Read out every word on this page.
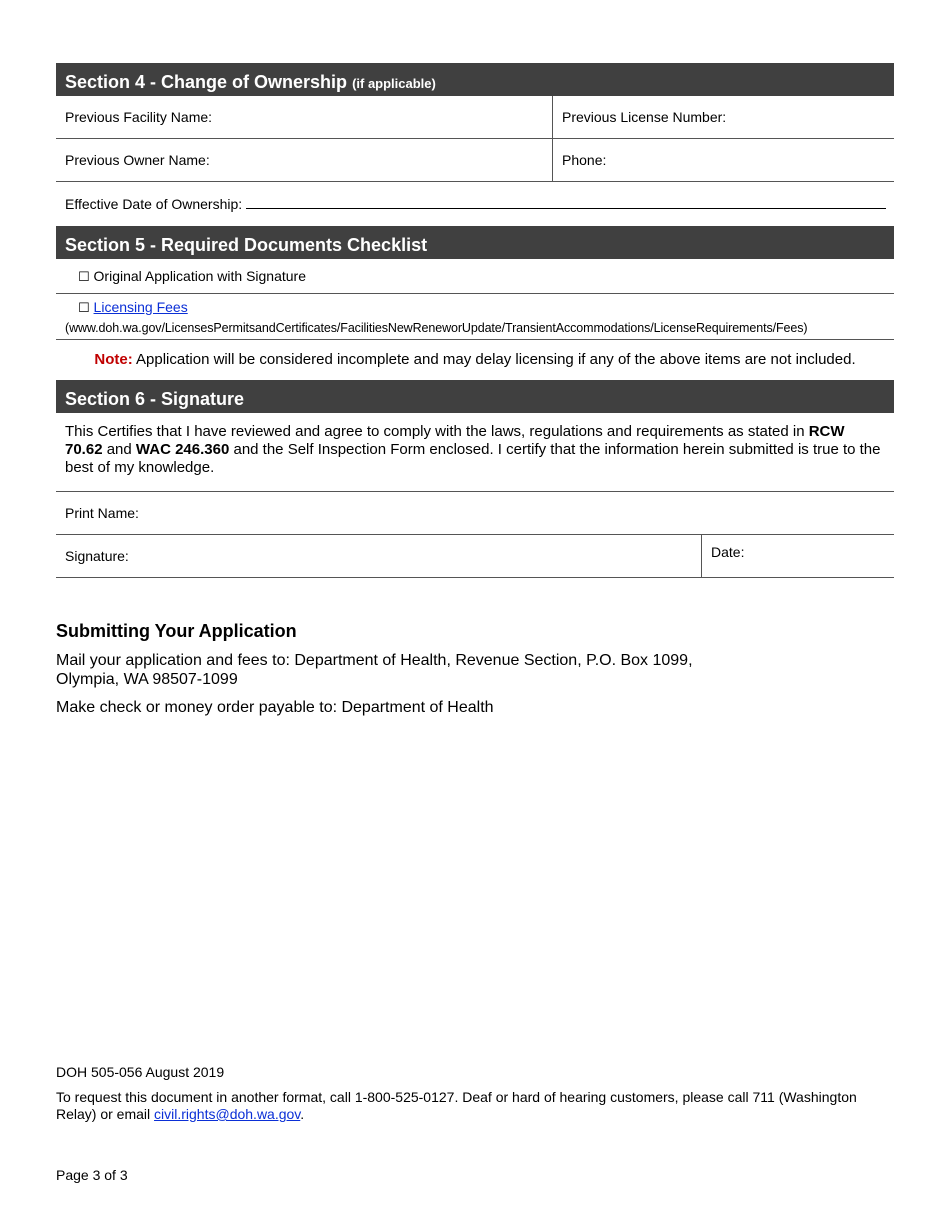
Section 4 - Change of Ownership (if applicable)
Previous Facility Name:	Previous License Number:
Previous Owner Name:	Phone:
Effective Date of Ownership:
Section 5 - Required Documents Checklist
☐ Original Application with Signature
☐ Licensing Fees
(www.doh.wa.gov/LicensesPermitsandCertificates/FacilitiesNewReneworUpdate/TransientAccommodations/LicenseRequirements/Fees)
Note: Application will be considered incomplete and may delay licensing if any of the above items are not included.
Section 6 - Signature
This Certifies that I have reviewed and agree to comply with the laws, regulations and requirements as stated in RCW 70.62 and WAC 246.360 and the Self Inspection Form enclosed. I certify that the information herein submitted is true to the best of my knowledge.
Print Name:
Signature:	Date:
Submitting Your Application

Mail your application and fees to: Department of Health, Revenue Section, P.O. Box 1099,
Olympia, WA 98507-1099

Make check or money order payable to: Department of Health

DOH 505-056 August 2019
To request this document in another format, call 1-800-525-0127. Deaf or hard of hearing customers, please call 711 (Washington Relay) or email civil.rights@doh.wa.gov.
Page 3 of 3
